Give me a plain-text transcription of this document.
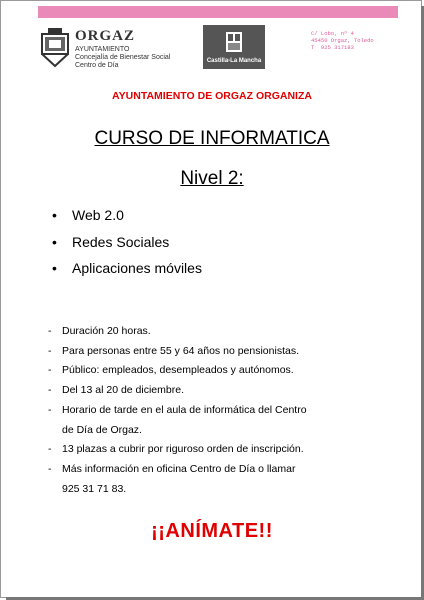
ORGAZ
AYUNTAMIENTO
Concejalía de Bienestar Social
Centro de Día
Castilla-La Mancha
C/ Lobo, nº 4
45450 Orgaz, Toledo
T  925 317183
AYUNTAMIENTO DE ORGAZ ORGANIZA
CURSO DE INFORMATICA
Nivel 2:
• Web 2.0
• Redes Sociales
• Aplicaciones móviles
- Duración 20 horas.
- Para personas entre 55 y 64 años no pensionistas.
- Público: empleados, desempleados y autónomos.
- Del 13 al 20 de diciembre.
- Horario de tarde en el aula de informática del Centro
de Día de Orgaz.
- 13 plazas a cubrir por riguroso orden de inscripción.
- Más información en oficina Centro de Día o llamar
925 31 71 83.
¡¡ANÍMATE!!
